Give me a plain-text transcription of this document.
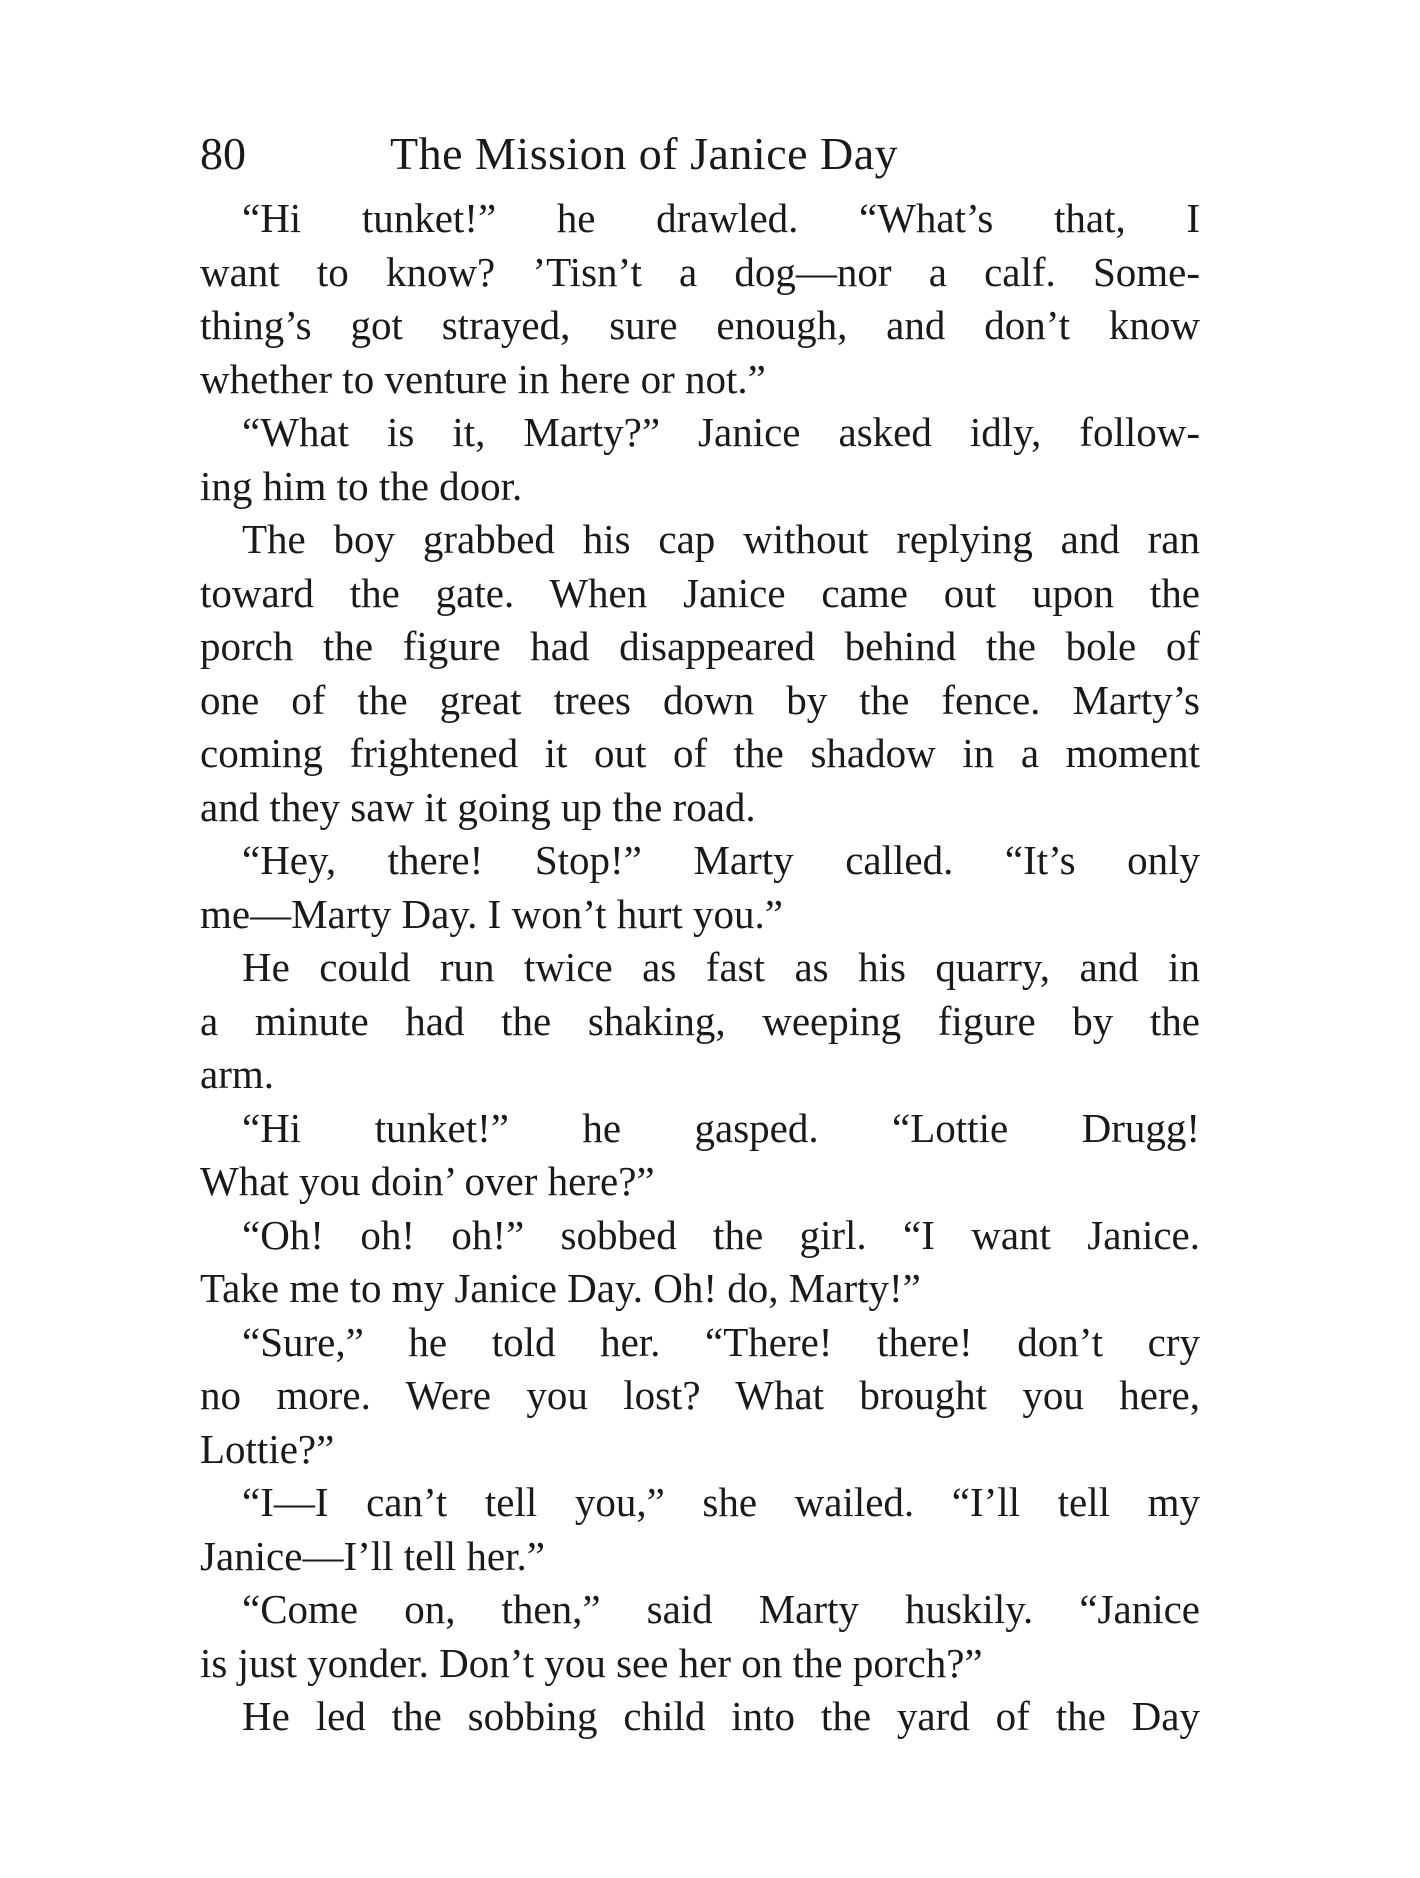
80	The Mission of Janice Day
“Hi tunket!” he drawled. “What’s that, I
want to know? ’Tisn’t a dog—nor a calf. Some-
thing’s got strayed, sure enough, and don’t know
whether to venture in here or not.”
“What is it, Marty?” Janice asked idly, follow-
ing him to the door.
The boy grabbed his cap without replying and ran
toward the gate. When Janice came out upon the
porch the figure had disappeared behind the bole of
one of the great trees down by the fence. Marty’s
coming frightened it out of the shadow in a moment
and they saw it going up the road.
“Hey, there! Stop!” Marty called. “It’s only
me—Marty Day. I won’t hurt you.”
He could run twice as fast as his quarry, and in
a minute had the shaking, weeping figure by the
arm.
“Hi tunket!” he gasped. “Lottie Drugg!
What you doin’ over here?”
“Oh! oh! oh!” sobbed the girl. “I want Janice.
Take me to my Janice Day. Oh! do, Marty!”
“Sure,” he told her. “There! there! don’t cry
no more. Were you lost? What brought you here,
Lottie?”
“I—I can’t tell you,” she wailed. “I’ll tell my
Janice—I’ll tell her.”
“Come on, then,” said Marty huskily. “Janice
is just yonder. Don’t you see her on the porch?”
He led the sobbing child into the yard of the Day
